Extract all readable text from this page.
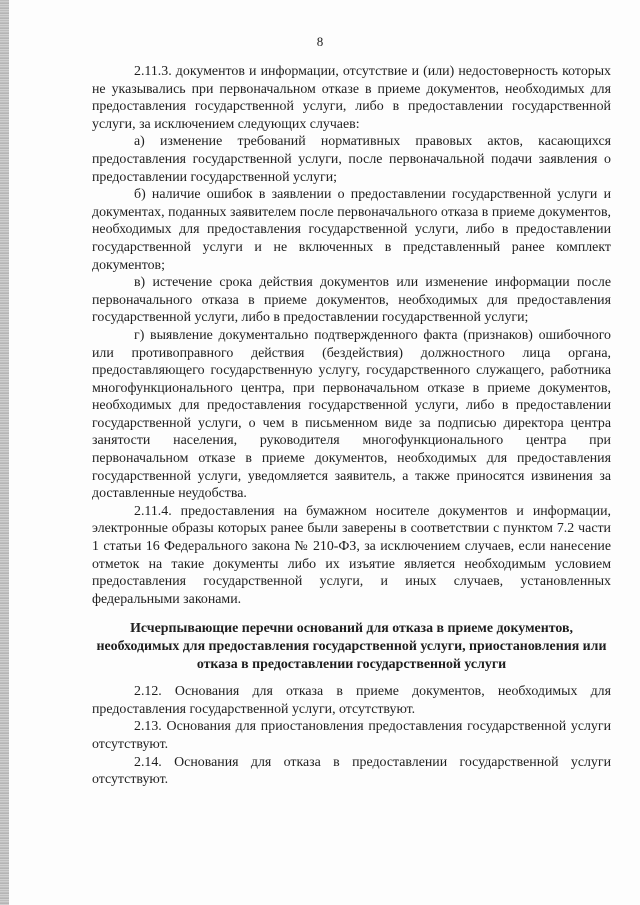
8

2.11.3. документов и информации, отсутствие и (или) недостоверность которых не указывались при первоначальном отказе в приеме документов, необходимых для предоставления государственной услуги, либо в предоставлении государственной услуги, за исключением следующих случаев:

а) изменение требований нормативных правовых актов, касающихся предоставления государственной услуги, после первоначальной подачи заявления о предоставлении государственной услуги;

б) наличие ошибок в заявлении о предоставлении государственной услуги и документах, поданных заявителем после первоначального отказа в приеме документов, необходимых для предоставления государственной услуги, либо в предоставлении государственной услуги и не включенных в представленный ранее комплект документов;

в) истечение срока действия документов или изменение информации после первоначального отказа в приеме документов, необходимых для предоставления государственной услуги, либо в предоставлении государственной услуги;

г) выявление документально подтвержденного факта (признаков) ошибочного или противоправного действия (бездействия) должностного лица органа, предоставляющего государственную услугу, государственного служащего, работника многофункционального центра, при первоначальном отказе в приеме документов, необходимых для предоставления государственной услуги, либо в предоставлении государственной услуги, о чем в письменном виде за подписью директора центра занятости населения, руководителя многофункционального центра при первоначальном отказе в приеме документов, необходимых для предоставления государственной услуги, уведомляется заявитель, а также приносятся извинения за доставленные неудобства.

2.11.4. предоставления на бумажном носителе документов и информации, электронные образы которых ранее были заверены в соответствии с пунктом 7.2 части 1 статьи 16 Федерального закона № 210-ФЗ, за исключением случаев, если нанесение отметок на такие документы либо их изъятие является необходимым условием предоставления государственной услуги, и иных случаев, установленных федеральными законами.

Исчерпывающие перечни оснований для отказа в приеме документов, необходимых для предоставления государственной услуги, приостановления или отказа в предоставлении государственной услуги

2.12. Основания для отказа в приеме документов, необходимых для предоставления государственной услуги, отсутствуют.

2.13. Основания для приостановления предоставления государственной услуги отсутствуют.

2.14. Основания для отказа в предоставлении государственной услуги отсутствуют.
